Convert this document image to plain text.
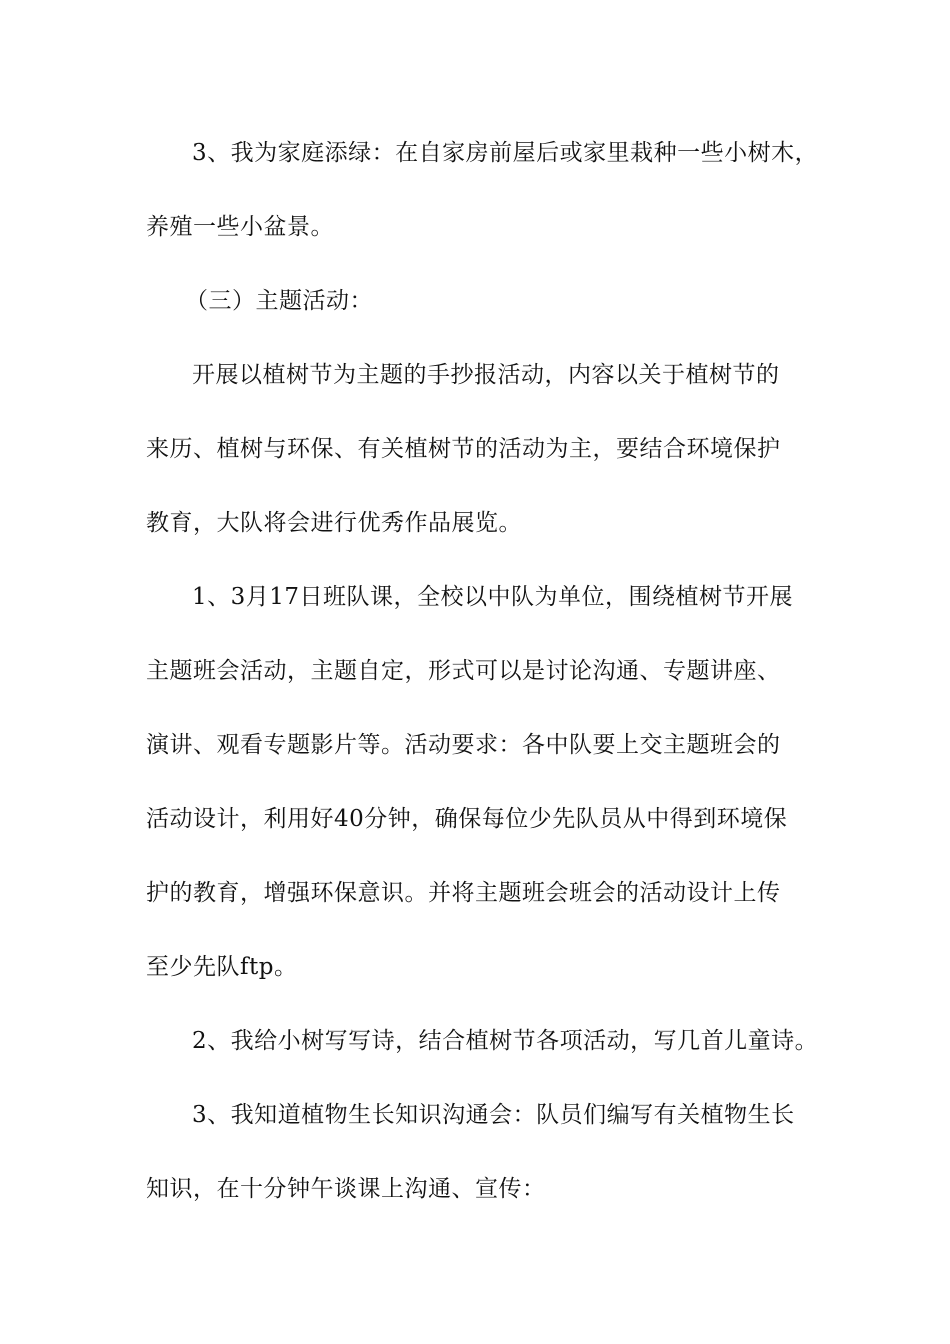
3、我为家庭添绿：在自家房前屋后或家里栽种一些小树木，
养殖一些小盆景。
（三）主题活动：
开展以植树节为主题的手抄报活动，内容以关于植树节的
来历、植树与环保、有关植树节的活动为主，要结合环境保护
教育，大队将会进行优秀作品展览。
1、3月17日班队课，全校以中队为单位，围绕植树节开展
主题班会活动，主题自定，形式可以是讨论沟通、专题讲座、
演讲、观看专题影片等。活动要求：各中队要上交主题班会的
活动设计，利用好40分钟，确保每位少先队员从中得到环境保
护的教育，增强环保意识。并将主题班会班会的活动设计上传
至少先队ftp。
2、我给小树写写诗，结合植树节各项活动，写几首儿童诗。
3、我知道植物生长知识沟通会：队员们编写有关植物生长
知识，在十分钟午谈课上沟通、宣传：
